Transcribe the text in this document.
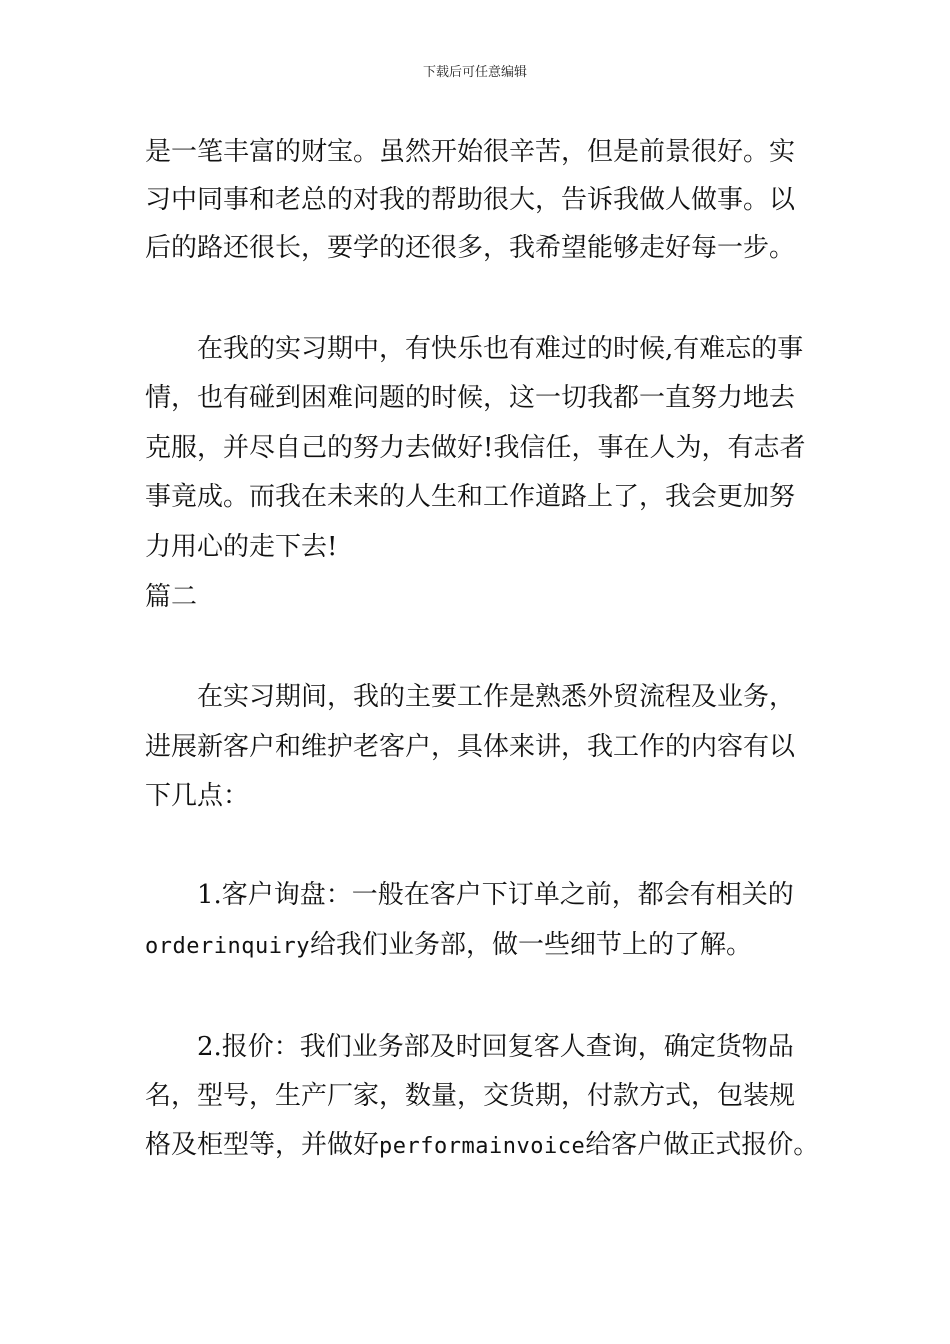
下载后可任意编辑
是一笔丰富的财宝。虽然开始很辛苦，但是前景很好。实
习中同事和老总的对我的帮助很大，告诉我做人做事。以
后的路还很长，要学的还很多，我希望能够走好每一步。
在我的实习期中，有快乐也有难过的时候,有难忘的事
情，也有碰到困难问题的时候，这一切我都一直努力地去
克服，并尽自己的努力去做好!我信任，事在人为，有志者
事竟成。而我在未来的人生和工作道路上了，我会更加努
力用心的走下去!
篇二
在实习期间，我的主要工作是熟悉外贸流程及业务，
进展新客户和维护老客户，具体来讲，我工作的内容有以
下几点：
1.客户询盘：一般在客户下订单之前，都会有相关的
orderinquiry给我们业务部，做一些细节上的了解。
2.报价：我们业务部及时回复客人查询，确定货物品
名，型号，生产厂家，数量，交货期，付款方式，包装规
格及柜型等，并做好performainvoice给客户做正式报价。
